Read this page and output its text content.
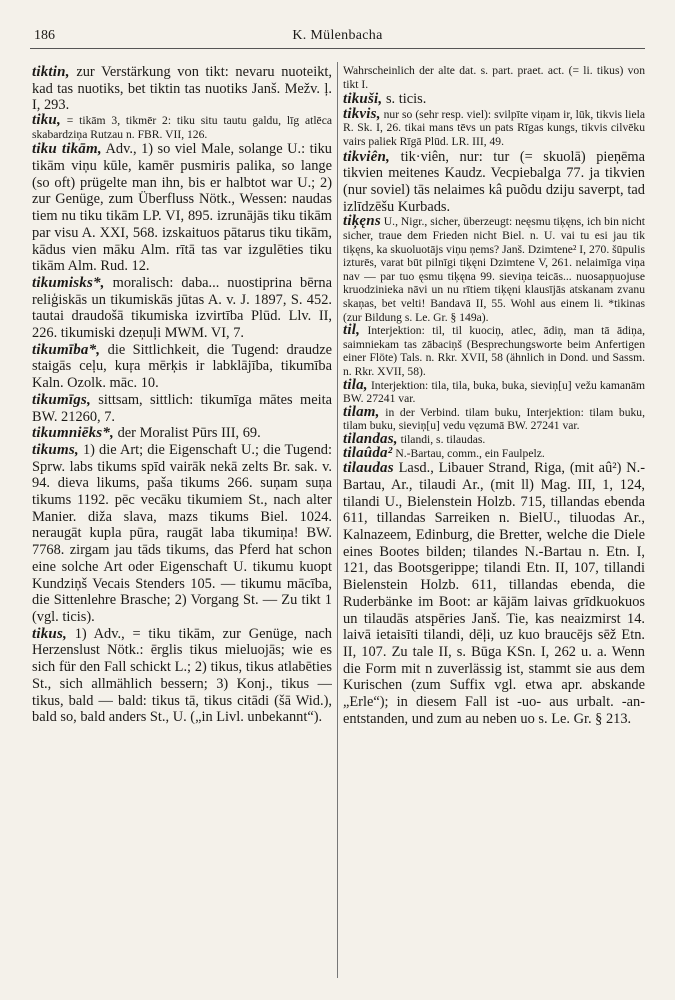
186	K. Mülenbacha

tiktin, zur Verstärkung von tikt: nevaru nuoteikt, kad tas nuotiks, bet tiktin tas nuotiks Janš. Mežv. ļ. I, 293.

tiku, = tikām 3, tikmēr 2: tiku situ tautu galdu, līg atlēca skabardziņa Rutzau n. FBR. VII, 126.

tiku tikām, Adv., 1) so viel Male, solange U.: tiku tikām viņu kūle, kamēr pusmiris palika, so lange (so oft) prügelte man ihn, bis er halbtot war U.; 2) zur Genüge, zum Überfluss Nötk., Wessen: naudas tiem nu tiku tikām LP. VI, 895. izrunājās tiku tikām par visu A. XXI, 568. izskaituos pātarus tiku tikām, kādus vien māku Alm. rītā tas var izgulēties tiku tikām Alm. Rud. 12.

tikumisks*, moralisch: daba... nuostiprina bērna reliģiskās un tikumiskās jūtas A. v. J. 1897, S. 452. tautai draudošā tikumiska izvirtība Plūd. Llv. II, 226. tikumiski dzeņuļi MWM. VI, 7.

tikumība*, die Sittlichkeit, die Tugend: draudze staigās ceļu, kuŗa mērķis ir labklājība, tikumība Kaln. Ozolk. māc. 10.

tikumīgs, sittsam, sittlich: tikumīga mātes meita BW. 21260, 7.

tikumniēks*, der Moralist Pūrs III, 69.

tikums, 1) die Art; die Eigenschaft U.; die Tugend: Sprw. labs tikums spīd vairāk nekā zelts Br. sak. v. 94. dieva likums, paša tikums 266. suņam suņa tikums 1192. pēc vecāku tikumiem St., nach alter Manier. diža slava, mazs tikums Biel. 1024. neraugāt kupla pūra, raugāt laba tikumiņa! BW. 7768. zirgam jau tāds tikums, das Pferd hat schon eine solche Art oder Eigenschaft U. tikumu kuopt Kundziņš Vecais Stenders 105. — tikumu mācība, die Sittenlehre Brasche; 2) Vorgang St. — Zu tikt 1 (vgl. ticis).

tikus, 1) Adv., = tiku tikām, zur Genüge, nach Herzenslust Nötk.: ērglis tikus mieluojās; wie es sich für den Fall schickt L.; 2) tikus, tikus atlabēties St., sich allmählich bessern; 3) Konj., tikus — tikus, bald — bald: tikus tā, tikus citādi (šā Wid.), bald so, bald anders St., U. („in Livl. unbekannt“).

Wahrscheinlich der alte dat. s. part. praet. act. (= li. tikus) von tikt I.

tikuši, s. ticis.

tikvis, nur so (sehr resp. viel): svilpīte viņam ir, lūk, tikvis liela R. Sk. I, 26. tikai mans tēvs un pats Rīgas kungs, tikvis cilvēku vairs paliek Rīgā Plūd. LR. III, 49.

tikviên, tik·viên, nur: tur (= skuolā) pieņēma tikvien meitenes Kaudz. Vecpiebalga 77. ja tikvien (nur soviel) tās nelaimes kâ puõdu dziju saverpt, tad izlīdzēšu Kurbads.

tiķęns U., Nigr., sicher, überzeugt: neęsmu tiķęns, ich bin nicht sicher, traue dem Frieden nicht Biel. n. U. vai tu esi jau tik tiķęns, ka skuoluotājs viņu ņems? Janš. Dzimtene² I, 270. šūpulis izturēs, varat būt pilnīgi tiķęni Dzimtene V, 261. nelaimīga viņa nav — par tuo ęsmu tiķęna 99. sieviņa teicās... nuosapņuojuse kruodzinieka nāvi un nu rītiem tiķęni klausījās atskanam zvanu skaņas, bet velti! Bandavā II, 55. Wohl aus einem li. *tikinas (zur Bildung s. Le. Gr. § 149a).

til, Interjektion: til, til kuociņ, atlec, ādiņ, man tā ādiņa, saimniekam tas zābaciņš (Besprechungsworte beim Anfertigen einer Flöte) Tals. n. Rkr. XVII, 58 (ähnlich in Dond. und Sassm. n. Rkr. XVII, 58).

tila, Interjektion: tila, tila, buka, buka, sieviņ[u] vežu kamanām BW. 27241 var.

tilam, in der Verbind. tilam buku, Interjektion: tilam buku, tilam buku, sieviņ[u] vedu vęzumā BW. 27241 var.

tilandas, tilandi, s. tilaudas.

tilaûda² N.-Bartau, comm., ein Faulpelz.

tilaudas Lasd., Libauer Strand, Riga, (mit aû²) N.-Bartau, Ar., tilaudi Ar., (mit ll) Mag. III, 1, 124, tilandi U., Bielenstein Holzb. 715, tillandas ebenda 611, tillandas Sarreiken n. BielU., tiluodas Ar., Kalnazeem, Edinburg, die Bretter, welche die Diele eines Bootes bilden; tilandes N.-Bartau n. Etn. I, 121, das Bootsgerippe; tilandi Etn. II, 107, tillandi Bielenstein Holzb. 611, tillandas ebenda, die Ruderbänke im Boot: ar kājām laivas grīdkuokuos un tilaudās atspēries Janš. Tie, kas neaizmirst 14. laivā ietaisīti tilandi, dēļi, uz kuo braucējs sēž Etn. II, 107. Zu tale II, s. Būga KSn. I, 262 u. a. Wenn die Form mit n zuverlässig ist, stammt sie aus dem Kurischen (zum Suffix vgl. etwa apr. abskande „Erle“); in diesem Fall ist -uo- aus urbalt. -an- entstanden, und zum au neben uo s. Le. Gr. § 213.
